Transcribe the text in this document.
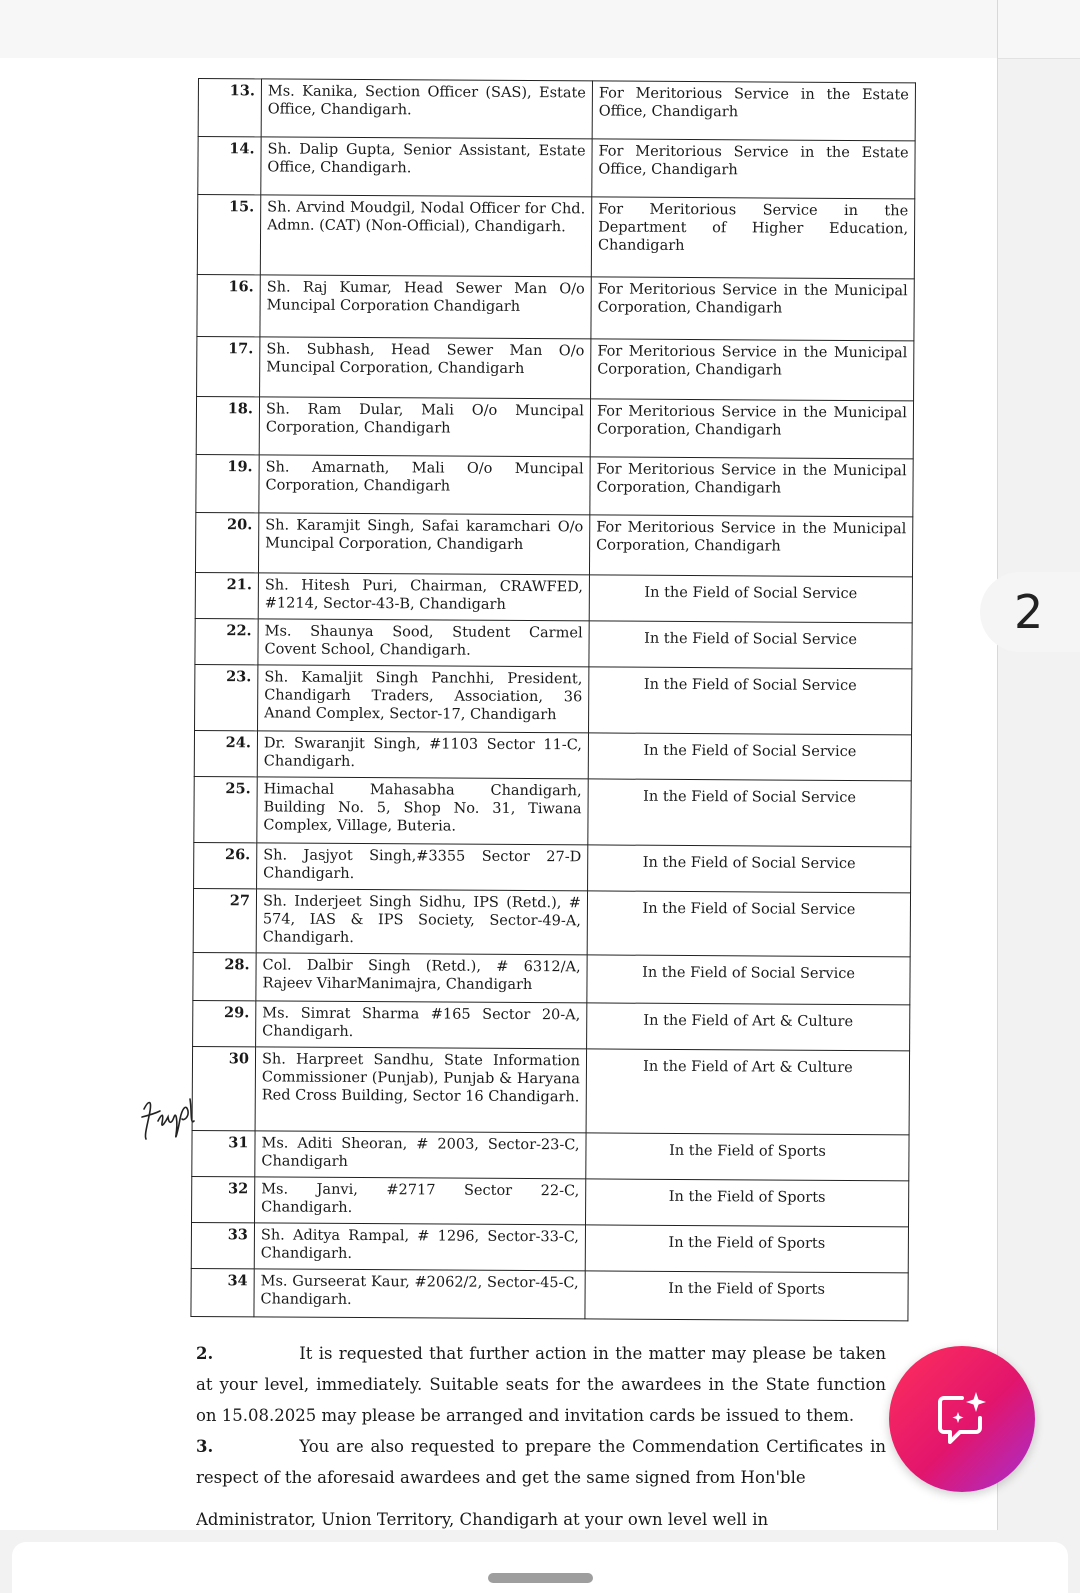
13.	Ms. Kanika, Section Officer (SAS), Estate Office, Chandigarh.	For Meritorious Service in the Estate Office, Chandigarh
14.	Sh. Dalip Gupta, Senior Assistant, Estate Office, Chandigarh.	For Meritorious Service in the Estate Office, Chandigarh
15.	Sh. Arvind Moudgil, Nodal Officer for Chd. Admn. (CAT) (Non-Official), Chandigarh.	For Meritorious Service in the Department of Higher Education, Chandigarh
16.	Sh. Raj Kumar, Head Sewer Man O/o Muncipal Corporation Chandigarh	For Meritorious Service in the Municipal Corporation, Chandigarh
17.	Sh. Subhash, Head Sewer Man O/o Muncipal Corporation, Chandigarh	For Meritorious Service in the Municipal Corporation, Chandigarh
18.	Sh. Ram Dular, Mali O/o Muncipal Corporation, Chandigarh	For Meritorious Service in the Municipal Corporation, Chandigarh
19.	Sh. Amarnath, Mali O/o Muncipal Corporation, Chandigarh	For Meritorious Service in the Municipal Corporation, Chandigarh
20.	Sh. Karamjit Singh, Safai karamchari O/o Muncipal Corporation, Chandigarh	For Meritorious Service in the Municipal Corporation, Chandigarh
21.	Sh. Hitesh Puri, Chairman, CRAWFED, #1214, Sector-43-B, Chandigarh	In the Field of Social Service
22.	Ms. Shaunya Sood, Student Carmel Covent School, Chandigarh.	In the Field of Social Service
23.	Sh. Kamaljit Singh Panchhi, President, Chandigarh Traders, Association, 36 Anand Complex, Sector-17, Chandigarh	In the Field of Social Service
24.	Dr. Swaranjit Singh, #1103 Sector 11-C, Chandigarh.	In the Field of Social Service
25.	Himachal Mahasabha Chandigarh, Building No. 5, Shop No. 31, Tiwana Complex, Village, Buteria.	In the Field of Social Service
26.	Sh. Jasjyot Singh,#3355 Sector 27-D Chandigarh.	In the Field of Social Service
27	Sh. Inderjeet Singh Sidhu, IPS (Retd.), # 574, IAS & IPS Society, Sector-49-A, Chandigarh.	In the Field of Social Service
28.	Col. Dalbir Singh (Retd.), # 6312/A, Rajeev ViharManimajra, Chandigarh	In the Field of Social Service
29.	Ms. Simrat Sharma #165 Sector 20-A, Chandigarh.	In the Field of Art & Culture
30	Sh. Harpreet Sandhu, State Information Commissioner (Punjab), Punjab & Haryana Red Cross Building, Sector 16 Chandigarh.	In the Field of Art & Culture
31	Ms. Aditi Sheoran, # 2003, Sector-23-C, Chandigarh	In the Field of Sports
32	Ms. Janvi, #2717 Sector 22-C, Chandigarh.	In the Field of Sports
33	Sh. Aditya Rampal, # 1296, Sector-33-C, Chandigarh.	In the Field of Sports
34	Ms. Gurseerat Kaur, #2062/2, Sector-45-C, Chandigarh.	In the Field of Sports
2.	It is requested that further action in the matter may please be taken at your level, immediately. Suitable seats for the awardees in the State function on 15.08.2025 may please be arranged and invitation cards be issued to them.
3.	You are also requested to prepare the Commendation Certificates in respect of the aforesaid awardees and get the same signed from Hon'ble
Administrator, Union Territory, Chandigarh at your own level well in
2
